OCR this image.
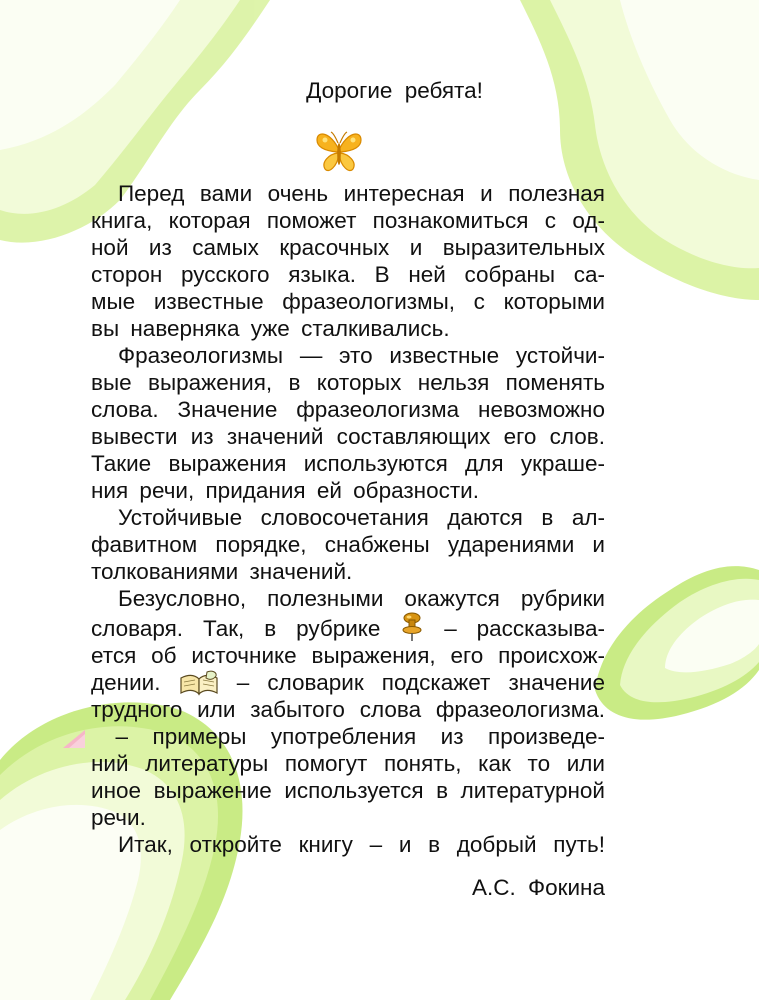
Дорогие ребята!
Перед вами очень интересная и полезная
книга, которая поможет познакомиться с од-
ной из самых красочных и выразительных
сторон русского языка. В ней собраны са-
мые известные фразеологизмы, с которыми
вы наверняка уже сталкивались.
Фразеологизмы — это известные устойчи-
вые выражения, в которых нельзя поменять
слова. Значение фразеологизма невозможно
вывести из значений составляющих его слов.
Такие выражения используются для украше-
ния речи, придания ей образности.
Устойчивые словосочетания даются в ал-
фавитном порядке, снабжены ударениями и
толкованиями значений.
Безусловно, полезными окажутся рубрики
словаря. Так, в рубрике	– рассказыва-
ется об источнике выражения, его происхож-
дении.	– словарик подскажет значение
трудного или забытого слова фразеологизма.
– примеры употребления из произведе-
ний литературы помогут понять, как то или
иное выражение используется в литературной
речи.
Итак, откройте книгу – и в добрый путь!
А.С. Фокина
